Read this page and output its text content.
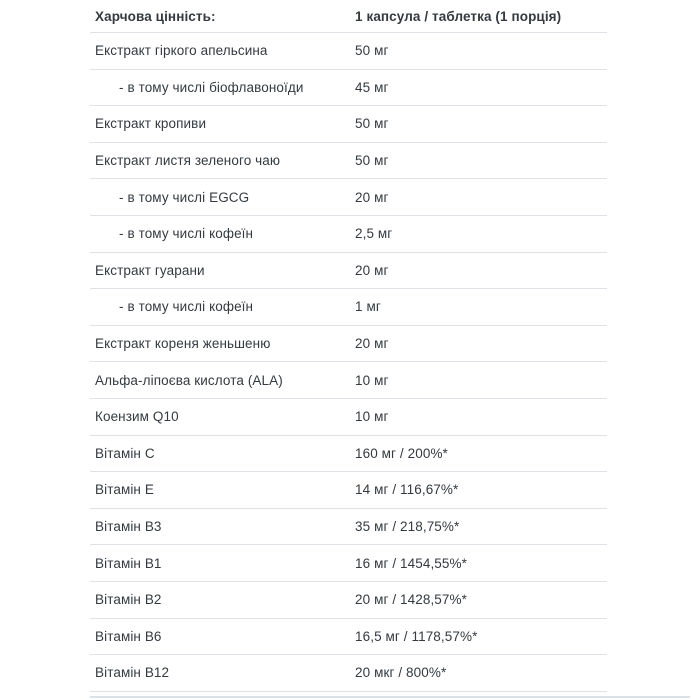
Харчова цінність:	1 капсула / таблетка (1 порція)
Екстракт гіркого апельсина	50 мг
- в тому числі біофлавоноїди	45 мг
Екстракт кропиви	50 мг
Екстракт листя зеленого чаю	50 мг
- в тому числі EGCG	20 мг
- в тому числі кофеїн	2,5 мг
Екстракт гуарани	20 мг
- в тому числі кофеїн	1 мг
Екстракт кореня женьшеню	20 мг
Альфа-ліпоєва кислота (ALA)	10 мг
Коензим Q10	10 мг
Вітамін C	160 мг / 200%*
Вітамін E	14 мг / 116,67%*
Вітамін B3	35 мг / 218,75%*
Вітамін B1	16 мг / 1454,55%*
Вітамін B2	20 мг / 1428,57%*
Вітамін B6	16,5 мг / 1178,57%*
Вітамін B12	20 мкг / 800%*
